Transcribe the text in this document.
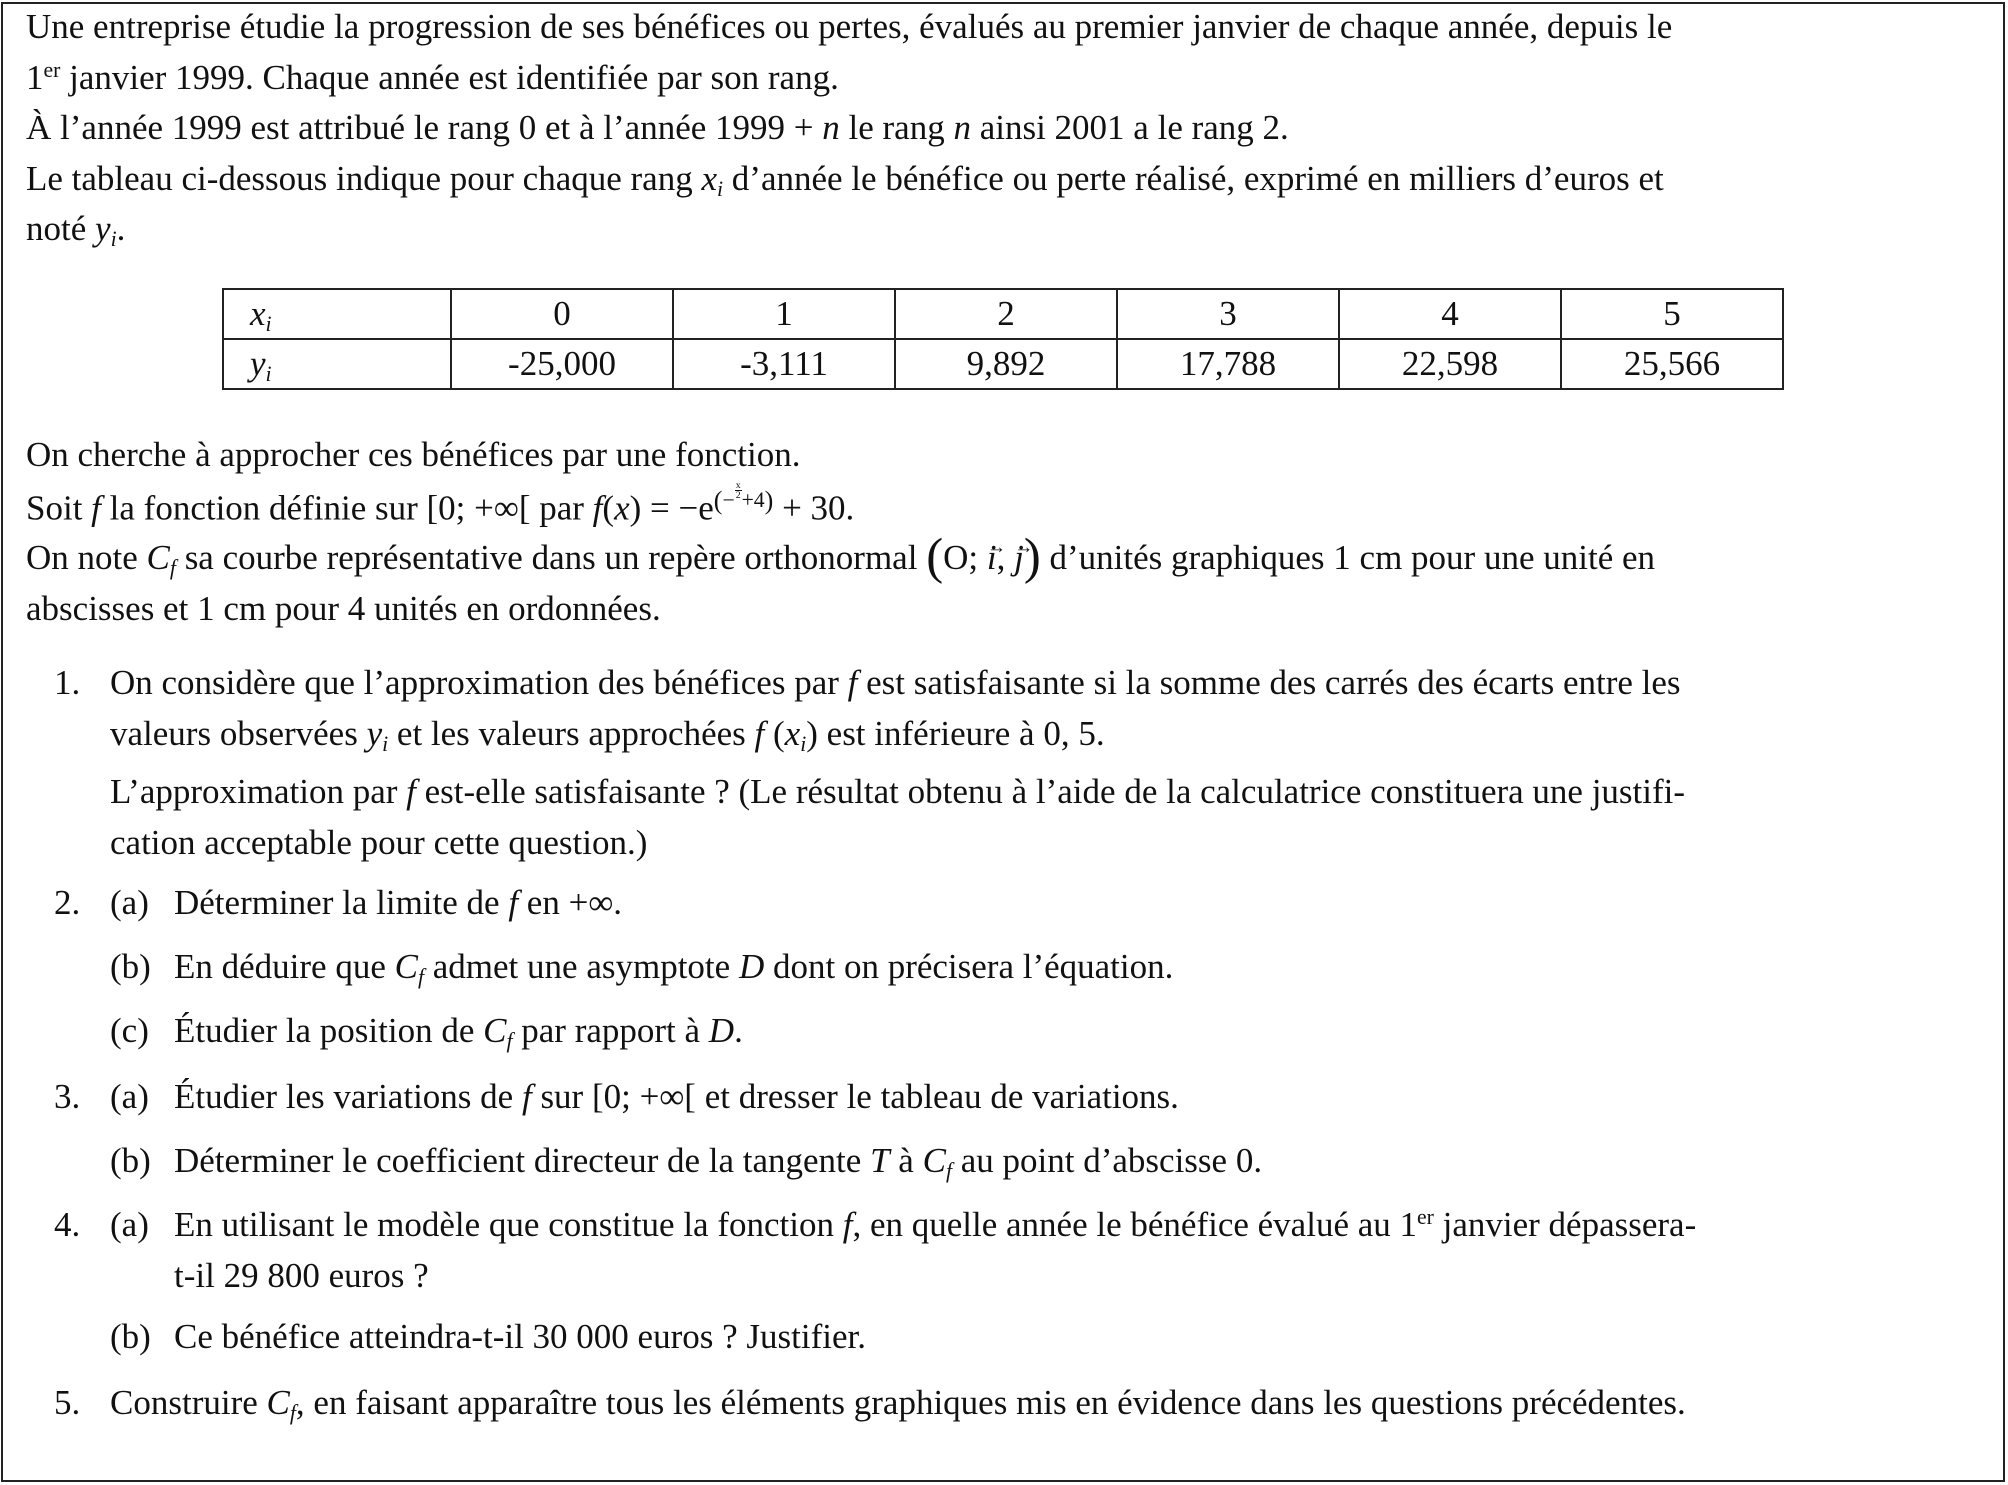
Une entreprise étudie la progression de ses bénéfices ou pertes, évalués au premier janvier de chaque année, depuis le

1er janvier 1999. Chaque année est identifiée par son rang.

À l’année 1999 est attribué le rang 0 et à l’année 1999 + n le rang n ainsi 2001 a le rang 2.

Le tableau ci-dessous indique pour chaque rang $x_i$ d’année le bénéfice ou perte réalisé, exprimé en milliers d’euros et

noté $y_i$.

$x_i$	0	1	2	3	4	5
$y_i$	-25,000	-3,111	9,892	17,788	22,598	25,566

On cherche à approcher ces bénéfices par une fonction.

Soit f la fonction définie sur [0; +∞[ par $f(x) = -e^{(- \frac{x}{2} +4)} + 30$.

On note $C_f$ sa courbe représentative dans un repère orthonormal (O; i →, j →) d’unités graphiques 1 cm pour une unité en

abscisses et 1 cm pour 4 unités en ordonnées.

1. On considère que l’approximation des bénéfices par f est satisfaisante si la somme des carrés des écarts entre les
valeurs observées $y_i$ et les valeurs approchées f $(x_i)$ est inférieure à 0, 5.

L’approximation par f est-elle satisfaisante ? (Le résultat obtenu à l’aide de la calculatrice constituera une justifi-
cation acceptable pour cette question.)

2. (a) Déterminer la limite de f en +∞.
(b) En déduire que $C_f$ admet une asymptote D dont on précisera l’équation.
(c) Étudier la position de $C_f$ par rapport à D.
3. (a) Étudier les variations de f sur [0; +∞[ et dresser le tableau de variations.
(b) Déterminer le coefficient directeur de la tangente T à $C_f$ au point d’abscisse 0.
4. (a) En utilisant le modèle que constitue la fonction f, en quelle année le bénéfice évalué au 1er janvier dépassera-
t-il 29 800 euros ?
(b) Ce bénéfice atteindra-t-il 30 000 euros ? Justifier.
5. Construire $C_f$, en faisant apparaître tous les éléments graphiques mis en évidence dans les questions précédentes.
